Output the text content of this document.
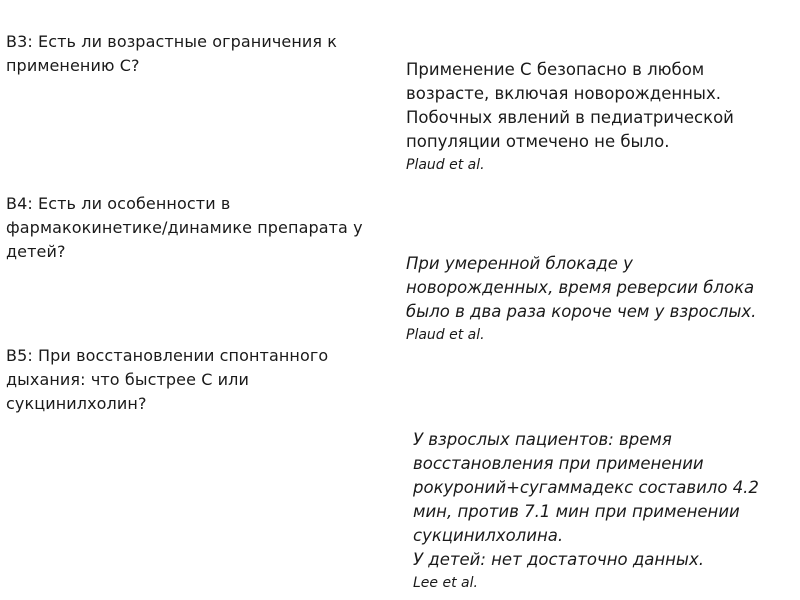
В3: Есть ли возрастные ограничения к
применению С?	Применение С безопасно в любом
возрасте, включая новорожденных.
Побочных явлений в педиатрической
популяции отмечено не было.
Plaud et al.
В4: Есть ли особенности в
фармакокинетике/динамике препарата у
детей?
При умеренной блокаде у
новорожденных, время реверсии блока
было в два раза короче чем у взрослых.
Plaud et al.
В5: При восстановлении спонтанного
дыхания: что быстрее С или
сукцинилхолин?
У взрослых пациентов: время
восстановления при применении
рокуроний+сугаммадекс составило 4.2
мин, против 7.1 мин при применении
сукцинилхолина.
У детей: нет достаточно данных.
Lee et al.
